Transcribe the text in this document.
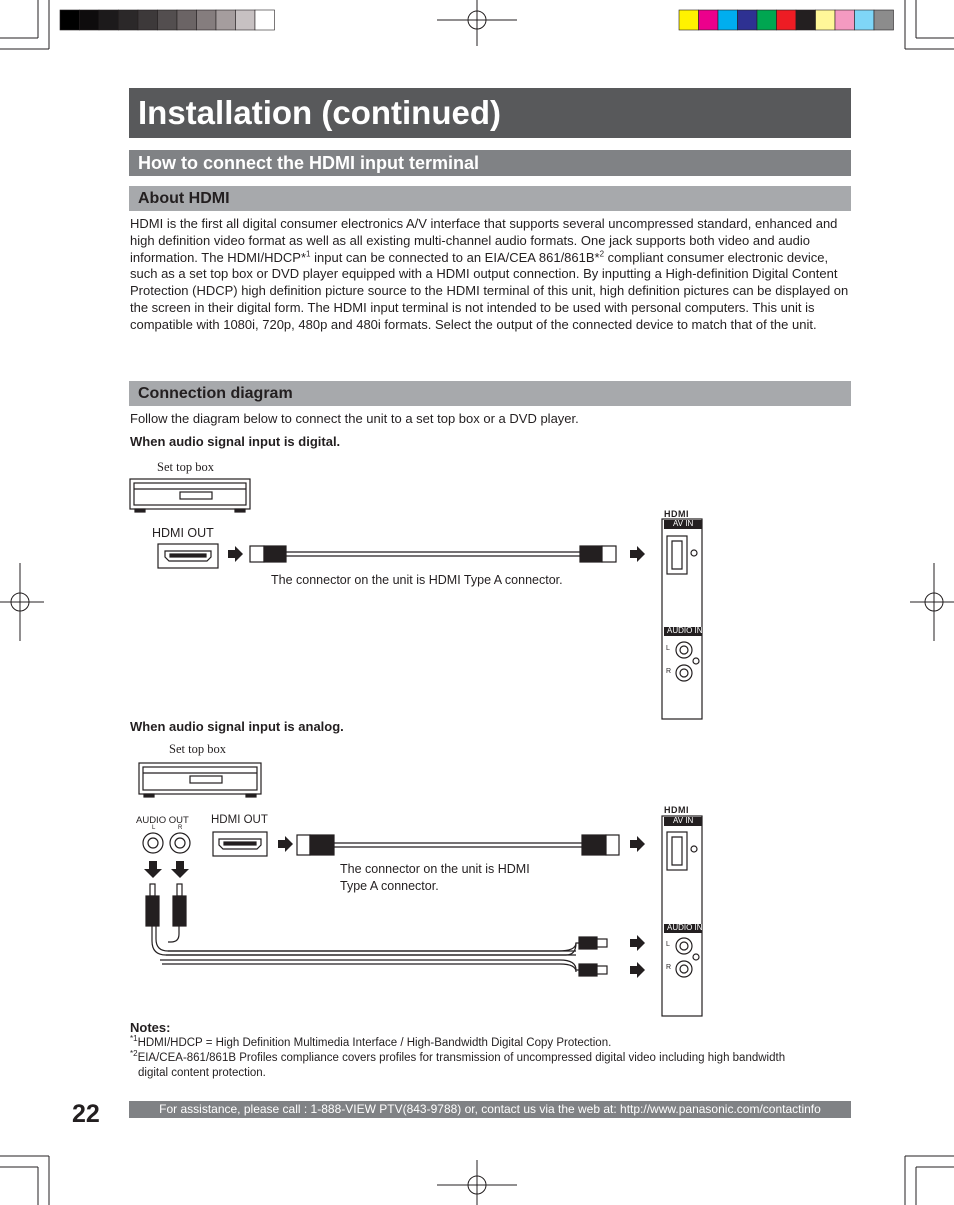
Installation (continued)
How to connect the HDMI input terminal
About HDMI
HDMI is the first all digital consumer electronics A/V interface that supports several uncompressed standard, enhanced and high definition video format as well as all existing multi-channel audio formats. One jack supports both video and audio information. The HDMI/HDCP*$^1$ input can be connected to an EIA/CEA 861/861B*$^2$ compliant consumer electronic device, such as a set top box or DVD player equipped with a HDMI output connection. By inputting a High-definition Digital Content Protection (HDCP) high definition picture source to the HDMI terminal of this unit, high definition pictures can be displayed on the screen in their digital form. The HDMI input terminal is not intended to be used with personal computers. This unit is compatible with 1080i, 720p, 480p and 480i formats. Select the output of the connected device to match that of the unit.
Connection diagram
Follow the diagram below to connect the unit to a set top box or a DVD player.
When audio signal input is digital.
Set top box
HDMI OUT
The connector on the unit is HDMI Type A connector.
HDMI
AV IN
AUDIO IN
L
R
When audio signal input is analog.
Set top box
AUDIO OUT
L	R
HDMI OUT
The connector on the unit is HDMI
Type A connector.
HDMI
AV IN
AUDIO IN
L
R
Notes:
$^{*1}$HDMI/HDCP = High Definition Multimedia Interface / High-Bandwidth Digital Copy Protection.
$^{*2}$EIA/CEA-861/861B Profiles compliance covers profiles for transmission of uncompressed digital video including high bandwidth
digital content protection.
22	For assistance, please call : 1-888-VIEW PTV(843-9788) or, contact us via the web at: http://www.panasonic.com/contactinfo
